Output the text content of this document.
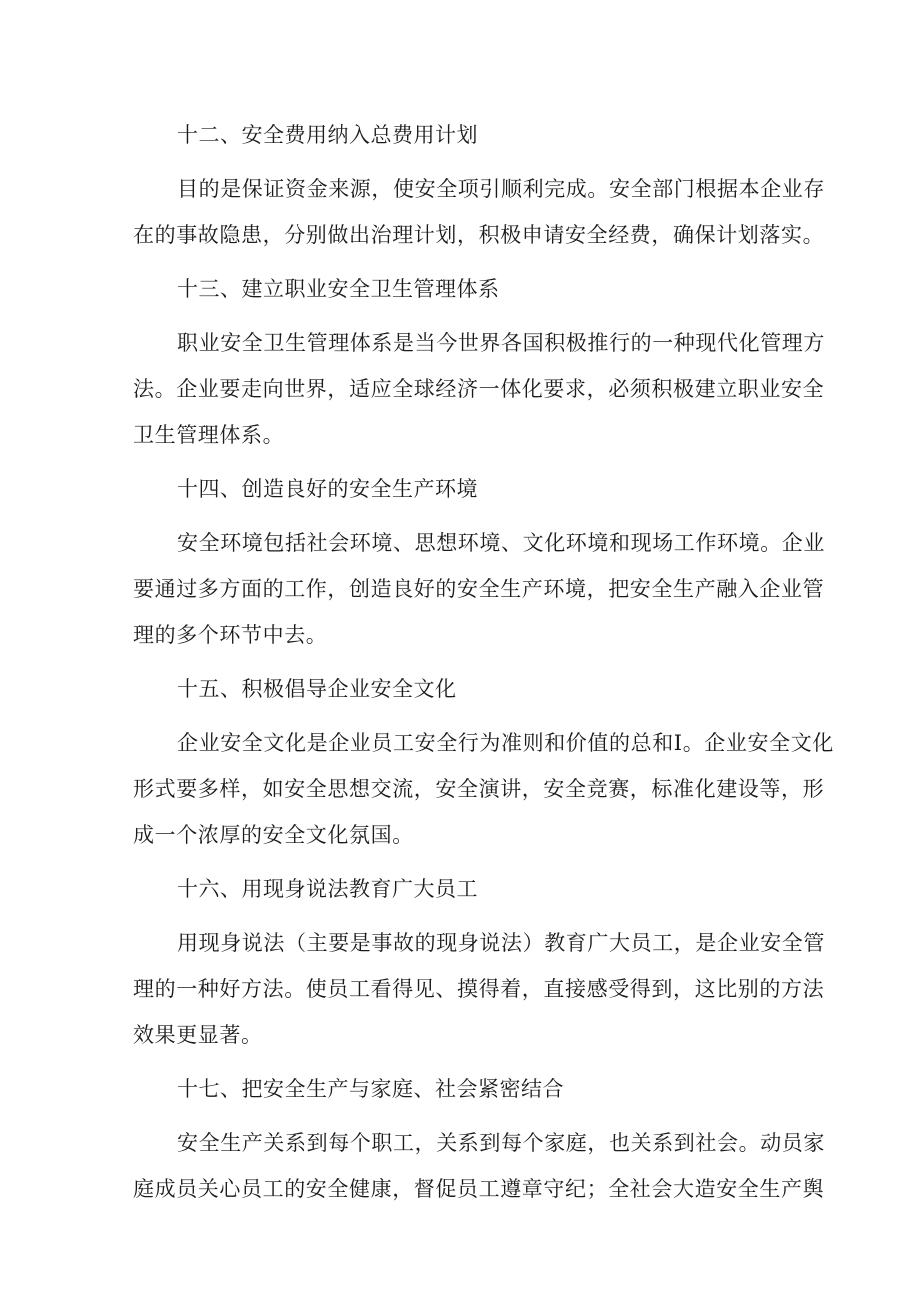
十二、安全费用纳入总费用计划

目的是保证资金来源，使安全项引顺利完成。安全部门根据本企业存
在的事故隐患，分别做出治理计划，积极申请安全经费，确保计划落实。

十三、建立职业安全卫生管理体系

职业安全卫生管理体系是当今世界各国积极推行的一种现代化管理方
法。企业要走向世界，适应全球经济一体化要求，必须积极建立职业安全
卫生管理体系。

十四、创造良好的安全生产环境

安全环境包括社会环境、思想环境、文化环境和现场工作环境。企业
要通过多方面的工作，创造良好的安全生产环境，把安全生产融入企业管
理的多个环节中去。

十五、积极倡导企业安全文化

企业安全文化是企业员工安全行为准则和价值的总和I。企业安全文化
形式要多样，如安全思想交流，安全演讲，安全竞赛，标准化建设等，形
成一个浓厚的安全文化氛国。

十六、用现身说法教育广大员工

用现身说法（主要是事故的现身说法）教育广大员工，是企业安全管
理的一种好方法。使员工看得见、摸得着，直接感受得到，这比别的方法
效果更显著。

十七、把安全生产与家庭、社会紧密结合

安全生产关系到每个职工，关系到每个家庭，也关系到社会。动员家
庭成员关心员工的安全健康，督促员工遵章守纪；全社会大造安全生产舆
